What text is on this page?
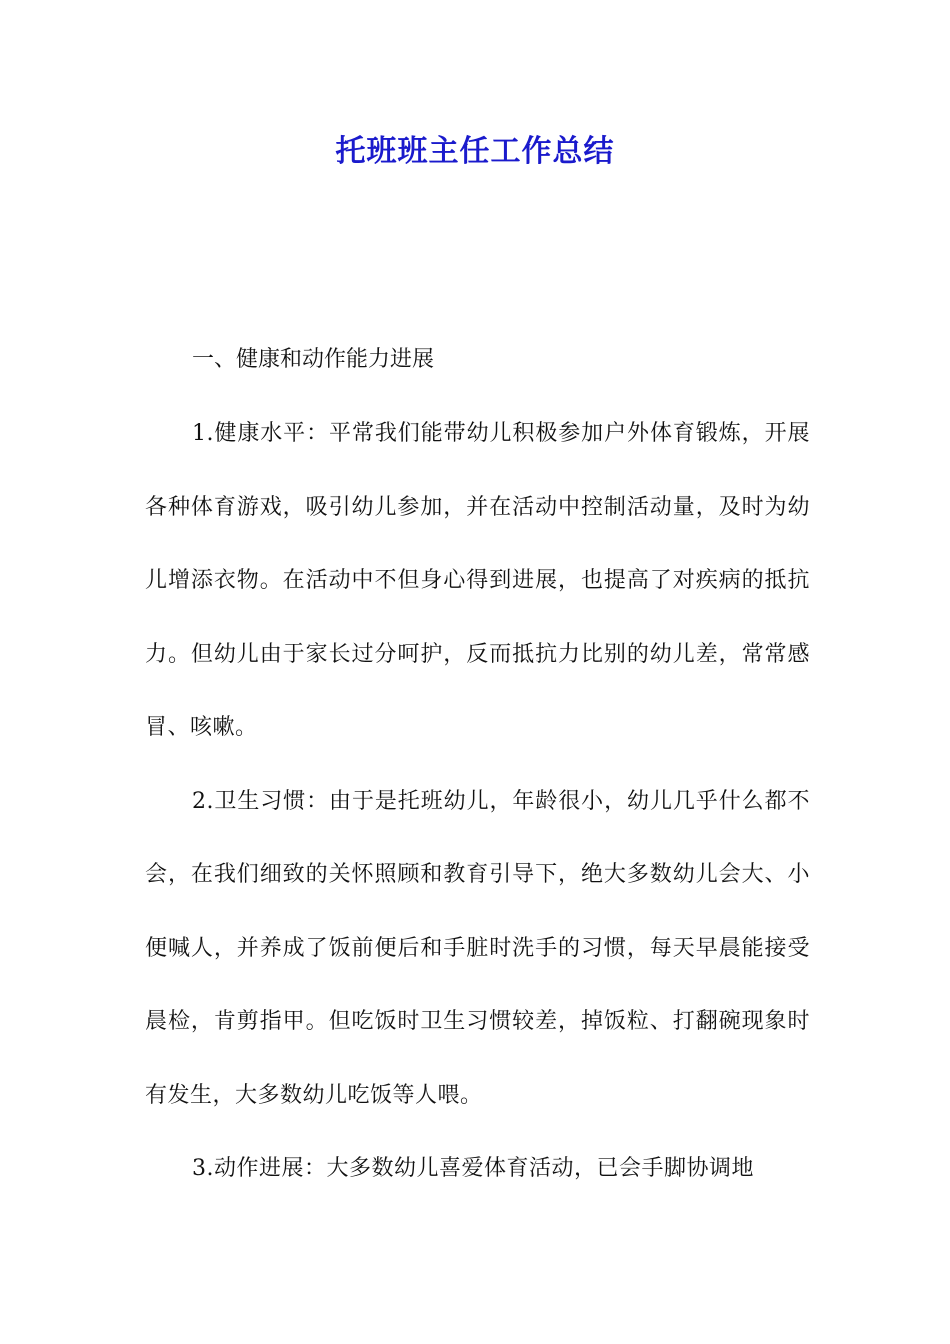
托班班主任工作总结

一、健康和动作能力进展

1.健康水平：平常我们能带幼儿积极参加户外体育锻炼，开展各种体育游戏，吸引幼儿参加，并在活动中控制活动量，及时为幼儿增添衣物。在活动中不但身心得到进展，也提高了对疾病的抵抗力。但幼儿由于家长过分呵护，反而抵抗力比别的幼儿差，常常感冒、咳嗽。

2.卫生习惯：由于是托班幼儿，年龄很小，幼儿几乎什么都不会，在我们细致的关怀照顾和教育引导下，绝大多数幼儿会大、小便喊人，并养成了饭前便后和手脏时洗手的习惯，每天早晨能接受晨检，肯剪指甲。但吃饭时卫生习惯较差，掉饭粒、打翻碗现象时有发生，大多数幼儿吃饭等人喂。

3.动作进展：大多数幼儿喜爱体育活动，已会手脚协调地
